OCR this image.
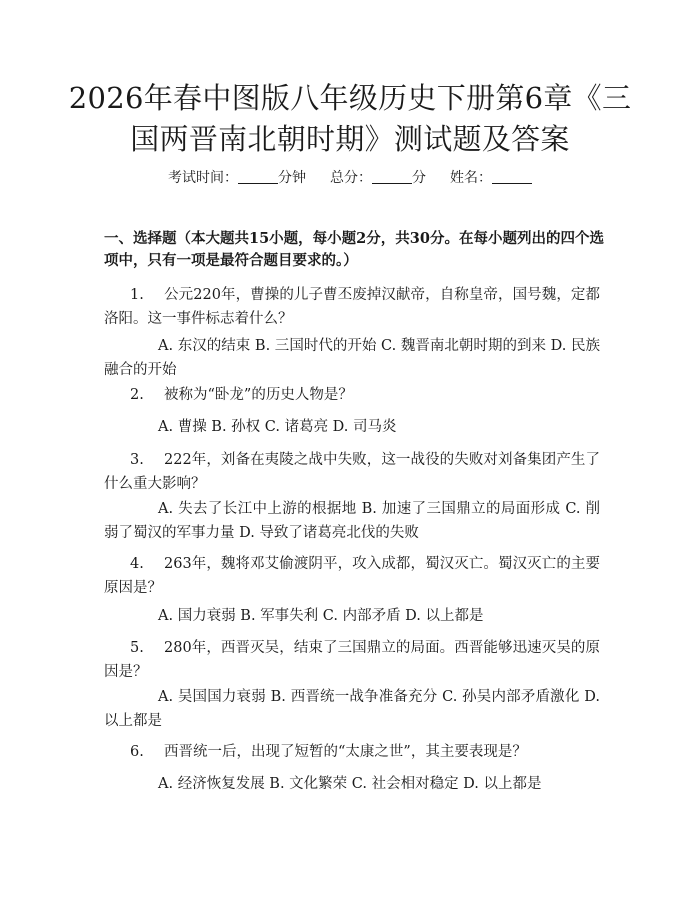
2026年春中图版八年级历史下册第6章《三国两晋南北朝时期》测试题及答案
考试时间：	分钟 总分：	分 姓名：

一、选择题（本大题共15小题，每小题2分，共30分。在每小题列出的四个选项中，只有一项是最符合题目要求的。）

1. 公元220年，曹操的儿子曹丕废掉汉献帝，自称皇帝，国号魏，定都洛阳。这一事件标志着什么？

A. 东汉的结束 B. 三国时代的开始 C. 魏晋南北朝时期的到来 D. 民族融合的开始

2. 被称为“卧龙”的历史人物是？

A. 曹操 B. 孙权 C. 诸葛亮 D. 司马炎

3. 222年，刘备在夷陵之战中失败，这一战役的失败对刘备集团产生了什么重大影响？

A. 失去了长江中上游的根据地 B. 加速了三国鼎立的局面形成 C. 削弱了蜀汉的军事力量 D. 导致了诸葛亮北伐的失败

4. 263年，魏将邓艾偷渡阴平，攻入成都，蜀汉灭亡。蜀汉灭亡的主要原因是？

A. 国力衰弱 B. 军事失利 C. 内部矛盾 D. 以上都是

5. 280年，西晋灭吴，结束了三国鼎立的局面。西晋能够迅速灭吴的原因是？

A. 吴国国力衰弱 B. 西晋统一战争准备充分 C. 孙吴内部矛盾激化 D. 以上都是

6. 西晋统一后，出现了短暂的“太康之世”，其主要表现是？

A. 经济恢复发展 B. 文化繁荣 C. 社会相对稳定 D. 以上都是
